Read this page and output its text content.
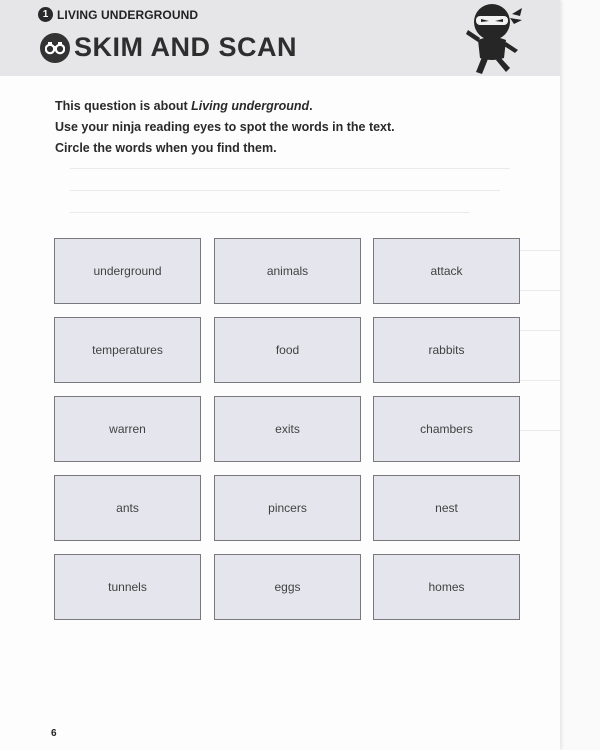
1 LIVING UNDERGROUND
SKIM AND SCAN
This question is about Living underground.
Use your ninja reading eyes to spot the words in the text.
Circle the words when you find them.
underground	animals	attack
temperatures	food	rabbits
warren	exits	chambers
ants	pincers	nest
tunnels	eggs	homes
6
